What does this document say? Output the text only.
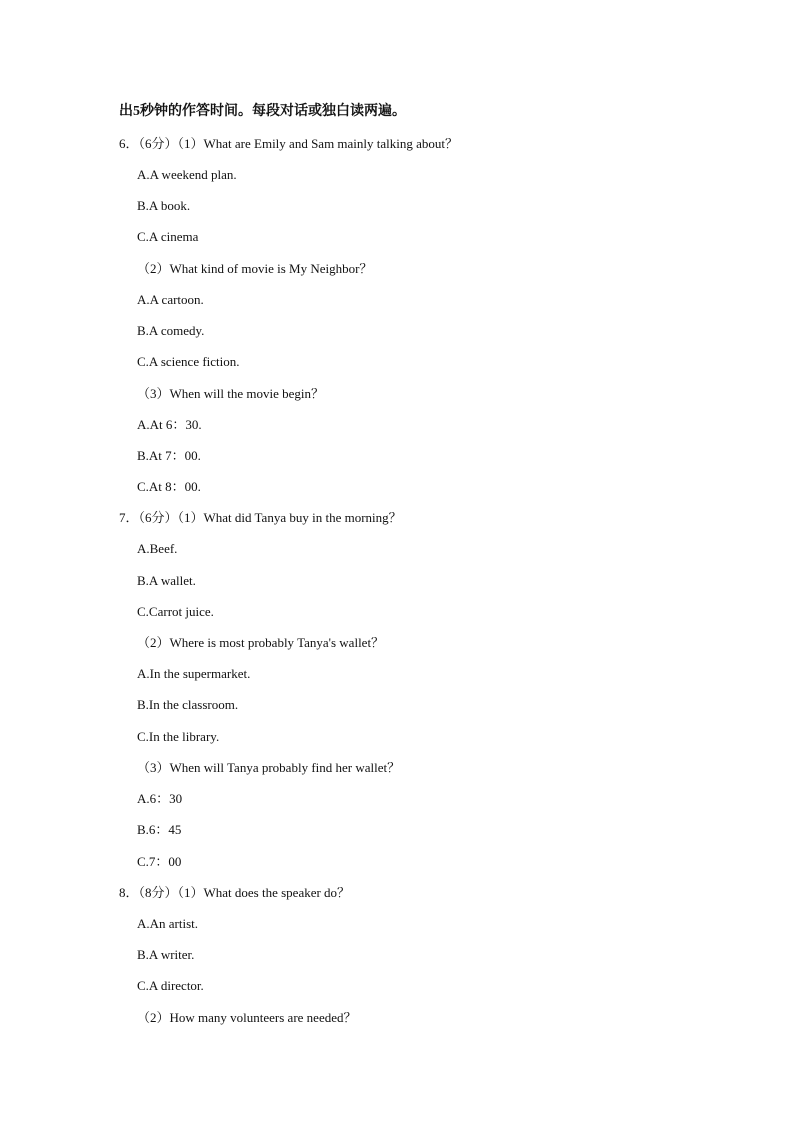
出5秒钟的作答时间。每段对话或独白读两遍。
6．（6分）（1）What are Emily and Sam mainly talking about？
A.A weekend plan.
B.A book.
C.A cinema
（2）What kind of movie is My Neighbor？
A.A cartoon.
B.A comedy.
C.A science fiction.
（3）When will the movie begin？
A.At 6：30.
B.At 7：00.
C.At 8：00.
7．（6分）（1）What did Tanya buy in the morning？
A.Beef.
B.A wallet.
C.Carrot juice.
（2）Where is most probably Tanya's wallet？
A.In the supermarket.
B.In the classroom.
C.In the library.
（3）When will Tanya probably find her wallet？
A.6：30
B.6：45
C.7：00
8．（8分）（1）What does the speaker do？
A.An artist.
B.A writer.
C.A director.
（2）How many volunteers are needed？
